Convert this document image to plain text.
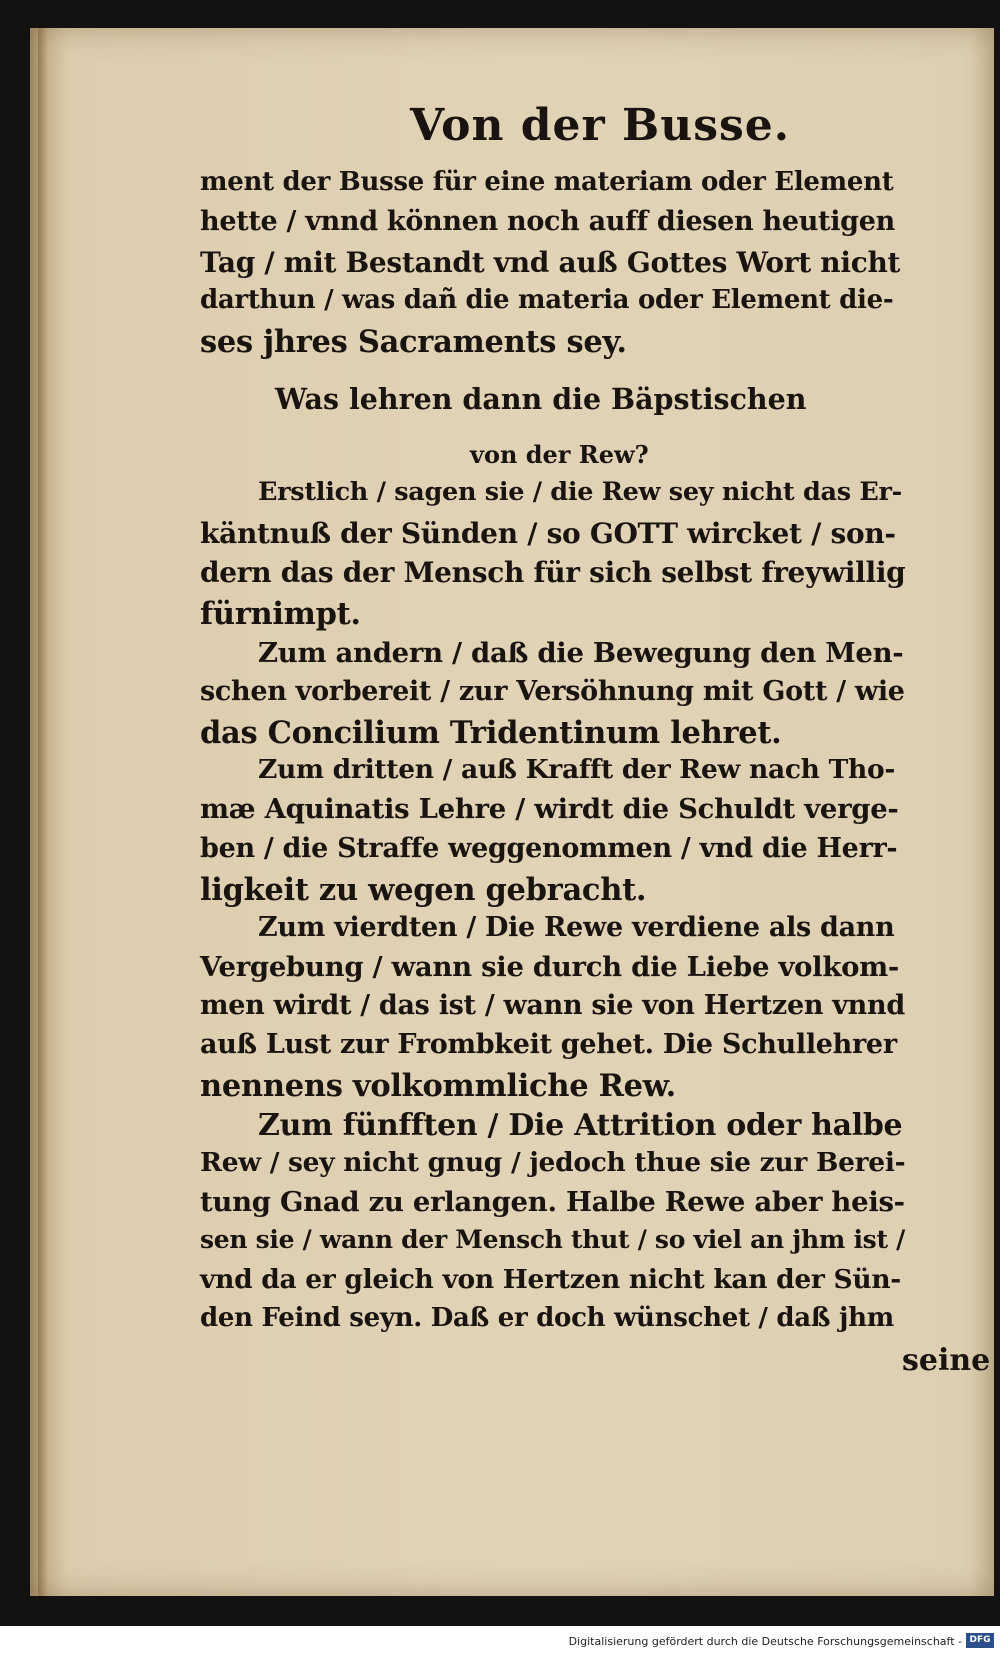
Von der Busse.
ment der Busse für eine materiam oder Element
hette / vnnd können noch auff diesen heutigen
Tag / mit Bestandt vnd auß Gottes Wort nicht
darthun / was dañ die materia oder Element die-
ses jhres Sacraments sey.
Was lehren dann die Bäpstischen
von der Rew?
Erstlich / sagen sie / die Rew sey nicht das Er-
käntnuß der Sünden / so GOTT wircket / son-
dern das der Mensch für sich selbst freywillig
fürnimpt.
Zum andern / daß die Bewegung den Men-
schen vorbereit / zur Versöhnung mit Gott / wie
das Concilium Tridentinum lehret.
Zum dritten / auß Krafft der Rew nach Tho-
mæ Aquinatis Lehre / wirdt die Schuldt verge-
ben / die Straffe weggenommen / vnd die Herr-
ligkeit zu wegen gebracht.
Zum vierdten / Die Rewe verdiene als dann
Vergebung / wann sie durch die Liebe volkom-
men wirdt / das ist / wann sie von Hertzen vnnd
auß Lust zur Frombkeit gehet. Die Schullehrer
nennens volkommliche Rew.
Zum fünfften / Die Attrition oder halbe
Rew / sey nicht gnug / jedoch thue sie zur Berei-
tung Gnad zu erlangen. Halbe Rewe aber heis-
sen sie / wann der Mensch thut / so viel an jhm ist /
vnd da er gleich von Hertzen nicht kan der Sün-
den Feind seyn. Daß er doch wünschet / daß jhm
seine
Digitalisierung gefördert durch die Deutsche Forschungsgemeinschaft - DFG
